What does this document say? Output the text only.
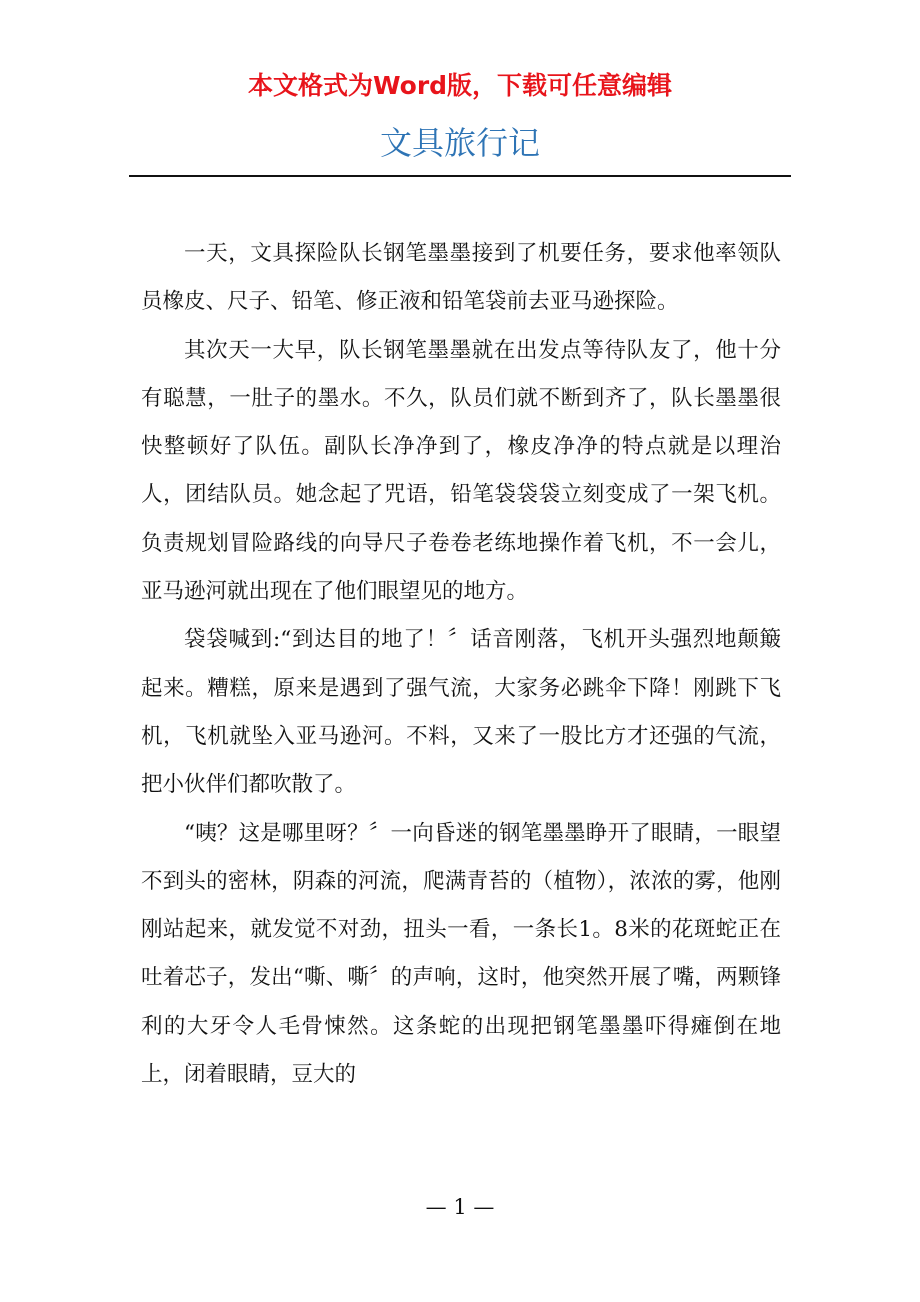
本文格式为Word版，下载可任意编辑
文具旅行记

一天，文具探险队长钢笔墨墨接到了机要任务，要求他率领队员橡皮、尺子、铅笔、修正液和铅笔袋前去亚马逊探险。

其次天一大早，队长钢笔墨墨就在出发点等待队友了，他十分有聪慧，一肚子的墨水。不久，队员们就不断到齐了，队长墨墨很快整顿好了队伍。副队长净净到了，橡皮净净的特点就是以理治人，团结队员。她念起了咒语，铅笔袋袋袋立刻变成了一架飞机。负责规划冒险路线的向导尺子卷卷老练地操作着飞机，不一会儿，亚马逊河就出现在了他们眼望见的地方。

袋袋喊到:“到达目的地了！〞话音刚落，飞机开头强烈地颠簸起来。糟糕，原来是遇到了强气流，大家务必跳伞下降！刚跳下飞机，飞机就坠入亚马逊河。不料，又来了一股比方才还强的气流，把小伙伴们都吹散了。

“咦？这是哪里呀？〞一向昏迷的钢笔墨墨睁开了眼睛，一眼望不到头的密林，阴森的河流，爬满青苔的（植物），浓浓的雾，他刚刚站起来，就发觉不对劲，扭头一看，一条长1。8米的花斑蛇正在吐着芯子，发出“嘶、嘶〞的声响，这时，他突然开展了嘴，两颗锋利的大牙令人毛骨悚然。这条蛇的出现把钢笔墨墨吓得瘫倒在地上，闭着眼睛，豆大的

— 1 —
